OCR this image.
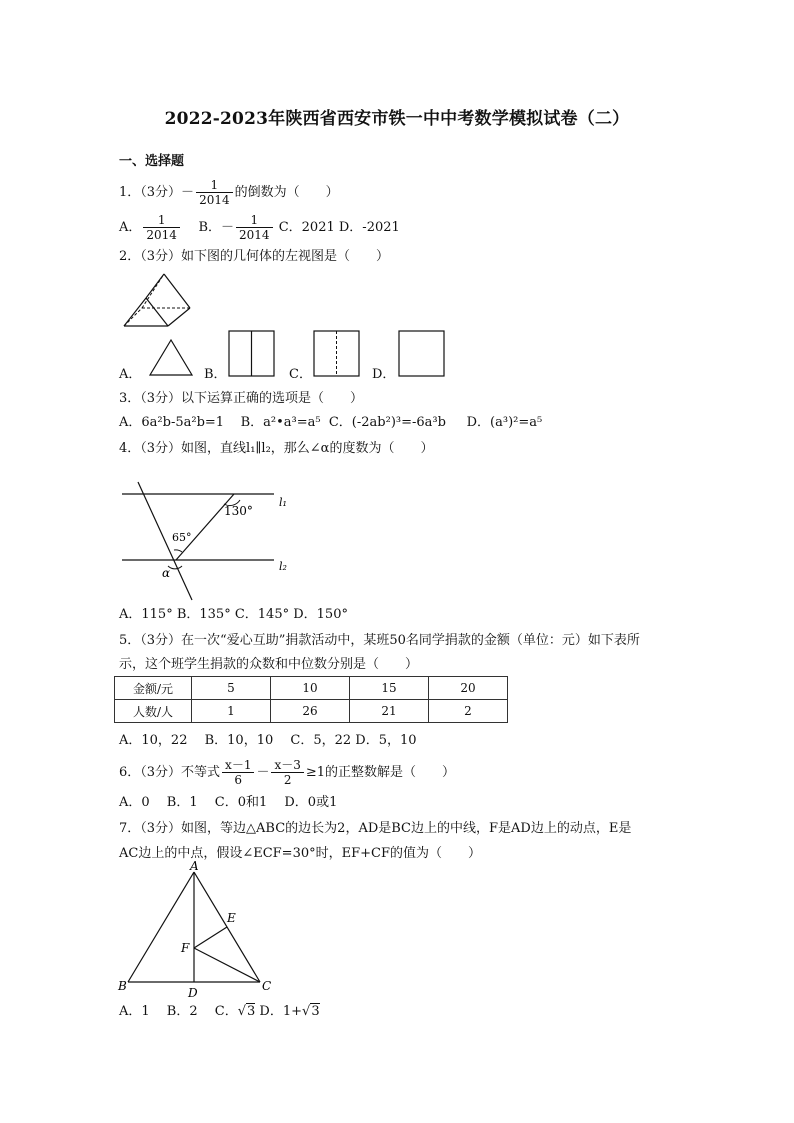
2022-2023年陕西省西安市铁一中中考数学模拟试卷（二）
一、选择题
1．（3分）－ $\frac{1}{2014}$ 的倒数为（　　）
A． $\frac{1}{2014}$ B．－ $\frac{1}{2014}$ C．2021 D．-2021
2．（3分）如下图的几何体的左视图是（　　）
A．	B．	C．	D．
3．（3分）以下运算正确的选项是（　　）
A．6a²b-5a²b=1 B．a²•a³=a⁵ C．(-2ab²)³=-6a³b D．(a³)²=a⁵
4．（3分）如图，直线l₁∥l₂，那么∠α的度数为（　　）
130°
65°
α
l₁
l₂
A．115° B．135° C．145° D．150°
5．（3分）在一次“爱心互助”捐款活动中，某班50名同学捐款的金额（单位：元）如下表所
示，这个班学生捐款的众数和中位数分别是（　　）
金额/元	5	10	15	20
人数/人	1	26	21	2
A．10，22　 B．10，10　 C．5，22 D．5，10
6．（3分）不等式 $\frac{x-1}{6} - \frac{x-3}{2} \ge 1$的正整数解是（　　）
A．0　 B．1　 C．0和1　 D．0或1
7．（3分）如图，等边△ABC的边长为2，AD是BC边上的中线，F是AD边上的动点，E是
AC边上的中点，假设∠ECF=30°时，EF+CF的值为（　　）
A
B	C
D
E
F
A．1　 B．2　 C．√3 D．1+√3
